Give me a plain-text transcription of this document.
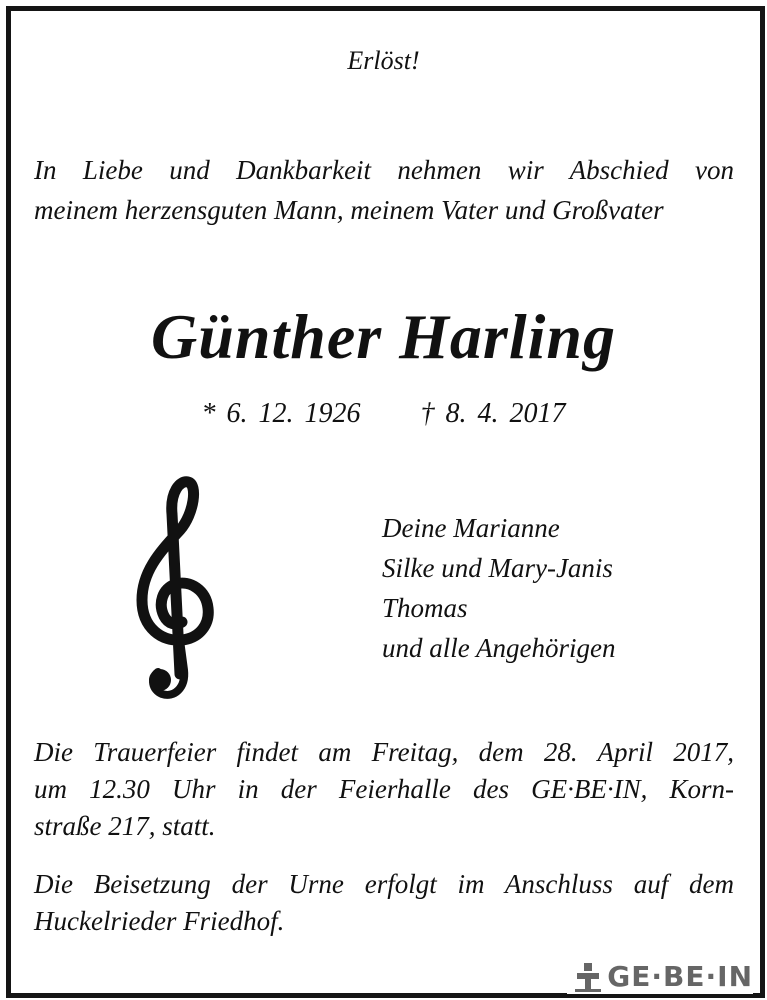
Erlöst!
In Liebe und Dankbarkeit nehmen wir Abschied von
meinem herzensguten Mann, meinem Vater und Großvater
Günther Harling
* 6. 12. 1926 † 8. 4. 2017
Deine Marianne
Silke und Mary-Janis
Thomas
und alle Angehörigen
Die Trauerfeier findet am Freitag, dem 28. April 2017,
um 12.30 Uhr in der Feierhalle des GE·BE·IN, Korn-
straße 217, statt.
Die Beisetzung der Urne erfolgt im Anschluss auf dem
Huckelrieder Friedhof.
GE·BE·IN
